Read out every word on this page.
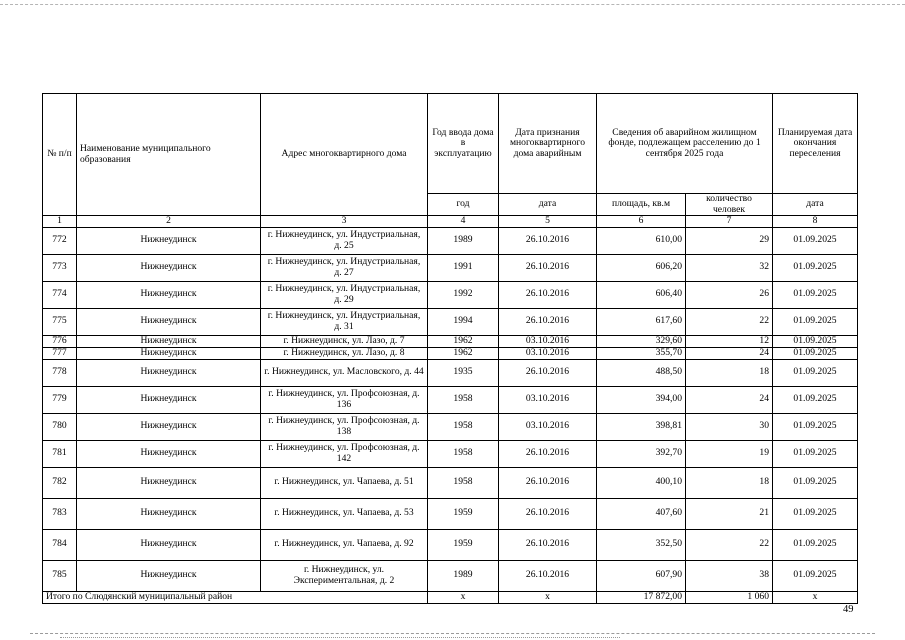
№ п/п	Наименование муниципального образования	Адрес многоквартирного дома	Год ввода дома в эксплуатацию	Дата признания многоквартирного дома аварийным	Сведения об аварийном жилищном фонде, подлежащем расселению до 1 сентября 2025 года		Планируемая дата окончания переселения
			год	дата	площадь, кв.м	количество человек	дата
1	2	3	4	5	6	7	8
772	Нижнеудинск	г. Нижнеудинск, ул. Индустриальная, д. 25	1989	26.10.2016	610,00	29	01.09.2025
773	Нижнеудинск	г. Нижнеудинск, ул. Индустриальная, д. 27	1991	26.10.2016	606,20	32	01.09.2025
774	Нижнеудинск	г. Нижнеудинск, ул. Индустриальная, д. 29	1992	26.10.2016	606,40	26	01.09.2025
775	Нижнеудинск	г. Нижнеудинск, ул. Индустриальная, д. 31	1994	26.10.2016	617,60	22	01.09.2025
776	Нижнеудинск	г. Нижнеудинск, ул. Лазо, д. 7	1962	03.10.2016	329,60	12	01.09.2025
777	Нижнеудинск	г. Нижнеудинск, ул. Лазо, д. 8	1962	03.10.2016	355,70	24	01.09.2025
778	Нижнеудинск	г. Нижнеудинск, ул. Масловского, д. 44	1935	26.10.2016	488,50	18	01.09.2025
779	Нижнеудинск	г. Нижнеудинск, ул. Профсоюзная, д. 136	1958	03.10.2016	394,00	24	01.09.2025
780	Нижнеудинск	г. Нижнеудинск, ул. Профсоюзная, д. 138	1958	03.10.2016	398,81	30	01.09.2025
781	Нижнеудинск	г. Нижнеудинск, ул. Профсоюзная, д. 142	1958	26.10.2016	392,70	19	01.09.2025
782	Нижнеудинск	г. Нижнеудинск, ул. Чапаева, д. 51	1958	26.10.2016	400,10	18	01.09.2025
783	Нижнеудинск	г. Нижнеудинск, ул. Чапаева, д. 53	1959	26.10.2016	407,60	21	01.09.2025
784	Нижнеудинск	г. Нижнеудинск, ул. Чапаева, д. 92	1959	26.10.2016	352,50	22	01.09.2025
785	Нижнеудинск	г. Нижнеудинск, ул. Экспериментальная, д. 2	1989	26.10.2016	607,90	38	01.09.2025
Итого по Слюдянский муниципальный район			x	x	17 872,00	1 060	x
49
